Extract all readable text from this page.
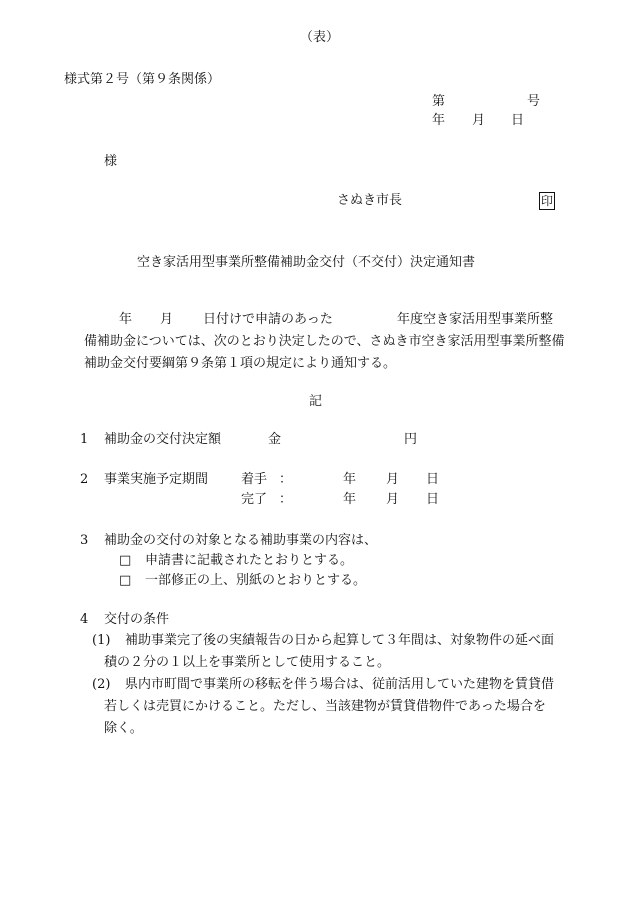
（表）
様式第２号（第９条関係）
第	号
年 月 日
様
さぬき市長	印
空き家活用型事業所整備補助金交付（不交付）決定通知書
年 月 日付けで申請のあった	年度空き家活用型事業所整
備補助金については、次のとおり決定したので、さぬき市空き家活用型事業所整備
補助金交付要綱第９条第１項の規定により通知する。
記
1 補助金の交付決定額	金	円
2 事業実施予定期間	着手 ：	年 月 日
完了 ：	年 月 日
3 補助金の交付の対象となる補助事業の内容は、
□ 申請書に記載されたとおりとする。
□ 一部修正の上、別紙のとおりとする。
4 交付の条件
(1) 補助事業完了後の実績報告の日から起算して３年間は、対象物件の延べ面
積の２分の１以上を事業所として使用すること。
(2) 県内市町間で事業所の移転を伴う場合は、従前活用していた建物を賃貸借
若しくは売買にかけること。ただし、当該建物が賃貸借物件であった場合を
除く。
